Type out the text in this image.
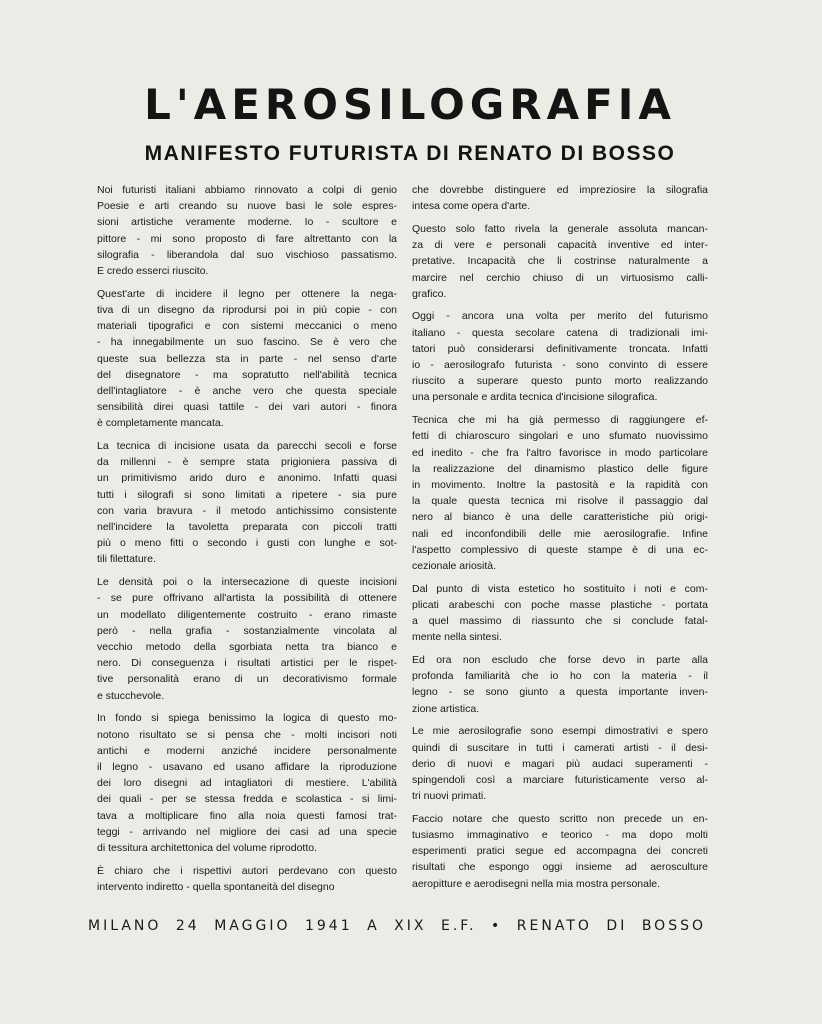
L'AEROSILOGRAFIA
MANIFESTO FUTURISTA DI RENATO DI BOSSO
Noi futuristi italiani abbiamo rinnovato a colpi di genio
Poesie e arti creando su nuove basi le sole espres-
sioni artistiche veramente moderne. Io - scultore e
pittore - mi sono proposto di fare altrettanto con la
silografia - liberandola dal suo vischioso passatismo.
E credo esserci riuscito.
Quest'arte di incidere il legno per ottenere la nega-
tiva di un disegno da riprodursi poi in più copie - con
materiali tipografici e con sistemi meccanici o meno
- ha innegabilmente un suo fascino. Se è vero che
queste sua bellezza sta in parte - nel senso d'arte
del disegnatore - ma sopratutto nell'abilità tecnica
dell'intagliatore - è anche vero che questa speciale
sensibilità direi quasi tattile - dei vari autori - finora
è completamente mancata.
La tecnica di incisione usata da parecchi secoli e forse
da millenni - è sempre stata prigioniera passiva di
un primitivismo arido duro e anonimo. Infatti quasi
tutti i silografi si sono limitati a ripetere - sia pure
con varia bravura - il metodo antichissimo consistente
nell'incidere la tavoletta preparata con piccoli tratti
più o meno fitti o secondo i gusti con lunghe e sot-
tili filettature.
Le densità poi o la intersecazione di queste incisioni
- se pure offrivano all'artista la possibilità di ottenere
un modellato diligentemente costruito - erano rimaste
però - nella grafia - sostanzialmente vincolata al
vecchio metodo della sgorbiata netta tra bianco e
nero. Di conseguenza i risultati artistici per le rispet-
tive personalità erano di un decorativismo formale
e stucchevole.
In fondo si spiega benissimo la logica di questo mo-
notono risultato se si pensa che - molti incisori noti
antichi e moderni anziché incidere personalmente
il legno - usavano ed usano affidare la riproduzione
dei loro disegni ad intagliatori di mestiere. L'abilità
dei quali - per se stessa fredda e scolastica - si limi-
tava a moltiplicare fino alla noia questi famosi trat-
teggi - arrivando nel migliore dei casi ad una specie
di tessitura architettonica del volume riprodotto.
È chiaro che i rispettivi autori perdevano con questo
intervento indiretto - quella spontaneità del disegno
che dovrebbe distinguere ed impreziosire la silografia
intesa come opera d'arte.
Questo solo fatto rivela la generale assoluta mancan-
za di vere e personali capacità inventive ed inter-
pretative. Incapacità che li costrinse naturalmente a
marcire nel cerchio chiuso di un virtuosismo calli-
grafico.
Oggi - ancora una volta per merito del futurismo
italiano - questa secolare catena di tradizionali imi-
tatori può considerarsi definitivamente troncata. Infatti
io - aerosilografo futurista - sono convinto di essere
riuscito a superare questo punto morto realizzando
una personale e ardita tecnica d'incisione silografica.
Tecnica che mi ha già permesso di raggiungere ef-
fetti di chiaroscuro singolari e uno sfumato nuovissimo
ed inedito - che fra l'altro favorisce in modo particolare
la realizzazione del dinamismo plastico delle figure
in movimento. Inoltre la pastosità e la rapidità con
la quale questa tecnica mi risolve il passaggio dal
nero al bianco è una delle caratteristiche più origi-
nali ed inconfondibili delle mie aerosilografie. Infine
l'aspetto complessivo di queste stampe è di una ec-
cezionale ariosità.
Dal punto di vista estetico ho sostituito i noti e com-
plicati arabeschi con poche masse plastiche - portata
a quel massimo di riassunto che si conclude fatal-
mente nella sintesi.
Ed ora non escludo che forse devo in parte alla
profonda familiarità che io ho con la materia - il
legno - se sono giunto a questa importante inven-
zione artistica.
Le mie aerosilografie sono esempi dimostrativi e spero
quindi di suscitare in tutti i camerati artisti - il desi-
derio di nuovi e magari più audaci superamenti -
spingendoli così a marciare futuristicamente verso al-
tri nuovi primati.
Faccio notare che questo scritto non precede un en-
tusiasmo immaginativo e teorico - ma dopo molti
esperimenti pratici segue ed accompagna dei concreti
risultati che espongo oggi insieme ad aerosculture
aeropitture e aerodisegni nella mia mostra personale.
MILANO 24 MAGGIO 1941 A XIX E.F. • RENATO DI BOSSO
